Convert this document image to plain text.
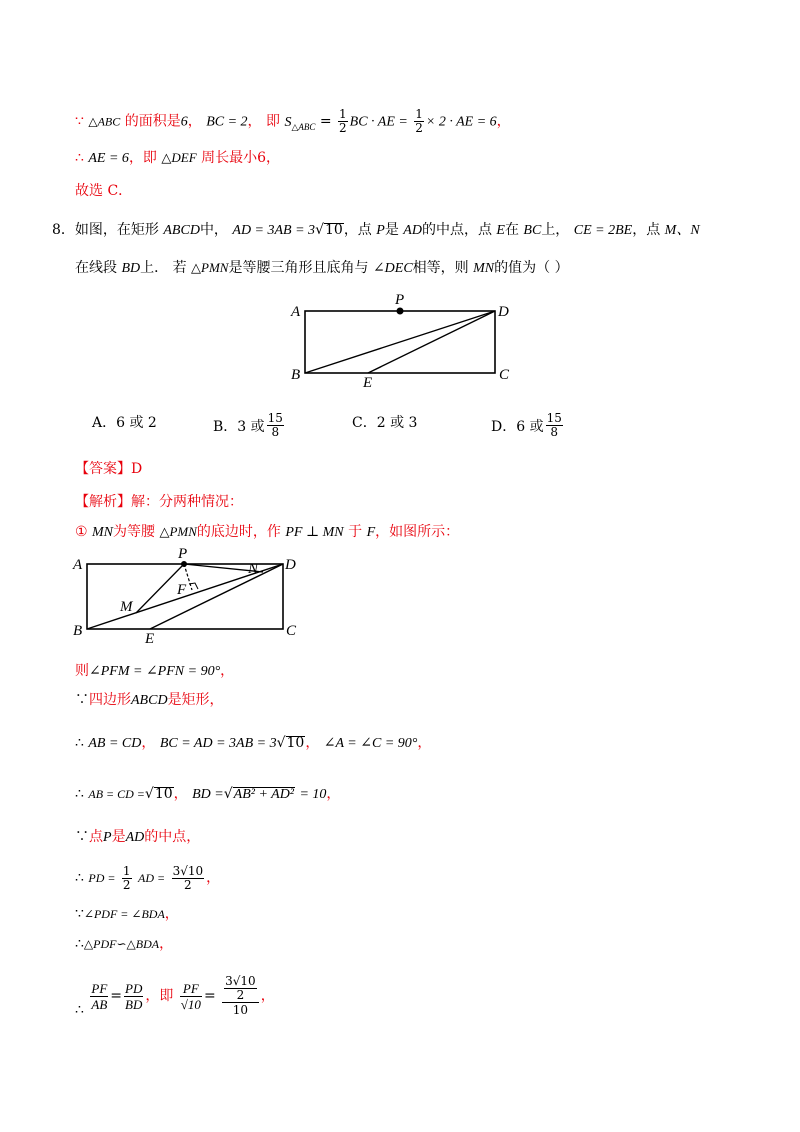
∵ △ABC 的面积是6， BC = 2， 即 $S_{\triangle ABC} = \frac{1}{2}$ BC · AE = $\frac{1}{2} \times 2$ · AE = 6，
∴ AE = 6，即 △DEF 周长最小6，
故选 C．
8．如图，在矩形 ABCD中， AD = 3AB = 3√10，点 P是 AD的中点，点 E在 BC上， CE = 2BE，点 M、N
在线段 BD上． 若 △PMN是等腰三角形且底角与 ∠DEC相等，则 MN的值为（ ）
A
B	C
D
P
E
A． 6 或 2	B． 3 或 $\frac{15}{8}$	C． 2 或 3	D． 6 或 $\frac{15}{8}$
【答案】D
【解析】解：分两种情况：
① MN为等腰 △PMN的底边时，作 PF ⊥ MN 于 F，如图所示：
A
B	C
D
P
E
M
N
F
则∠PFM = ∠PFN = 90°，
∵四边形ABCD是矩形，
∴ AB = CD， BC = AD = 3AB = 3√10， ∠A = ∠C = 90°，
∴ AB = CD =√10， BD =√AB² + AD² = 10，
∵点P是AD的中点，
∴ PD = $\frac{1}{2}$ AD = $\frac{3√10}{2}$ ，
∵∠PDF = ∠BDA，
∴△PDF∽△BDA，
∴ $\frac{PF}{AB} = \frac{PD}{BD}$ ，即 $\frac{PF}{√10} = \frac{\frac{3√10}{2}}{10}$ ，
